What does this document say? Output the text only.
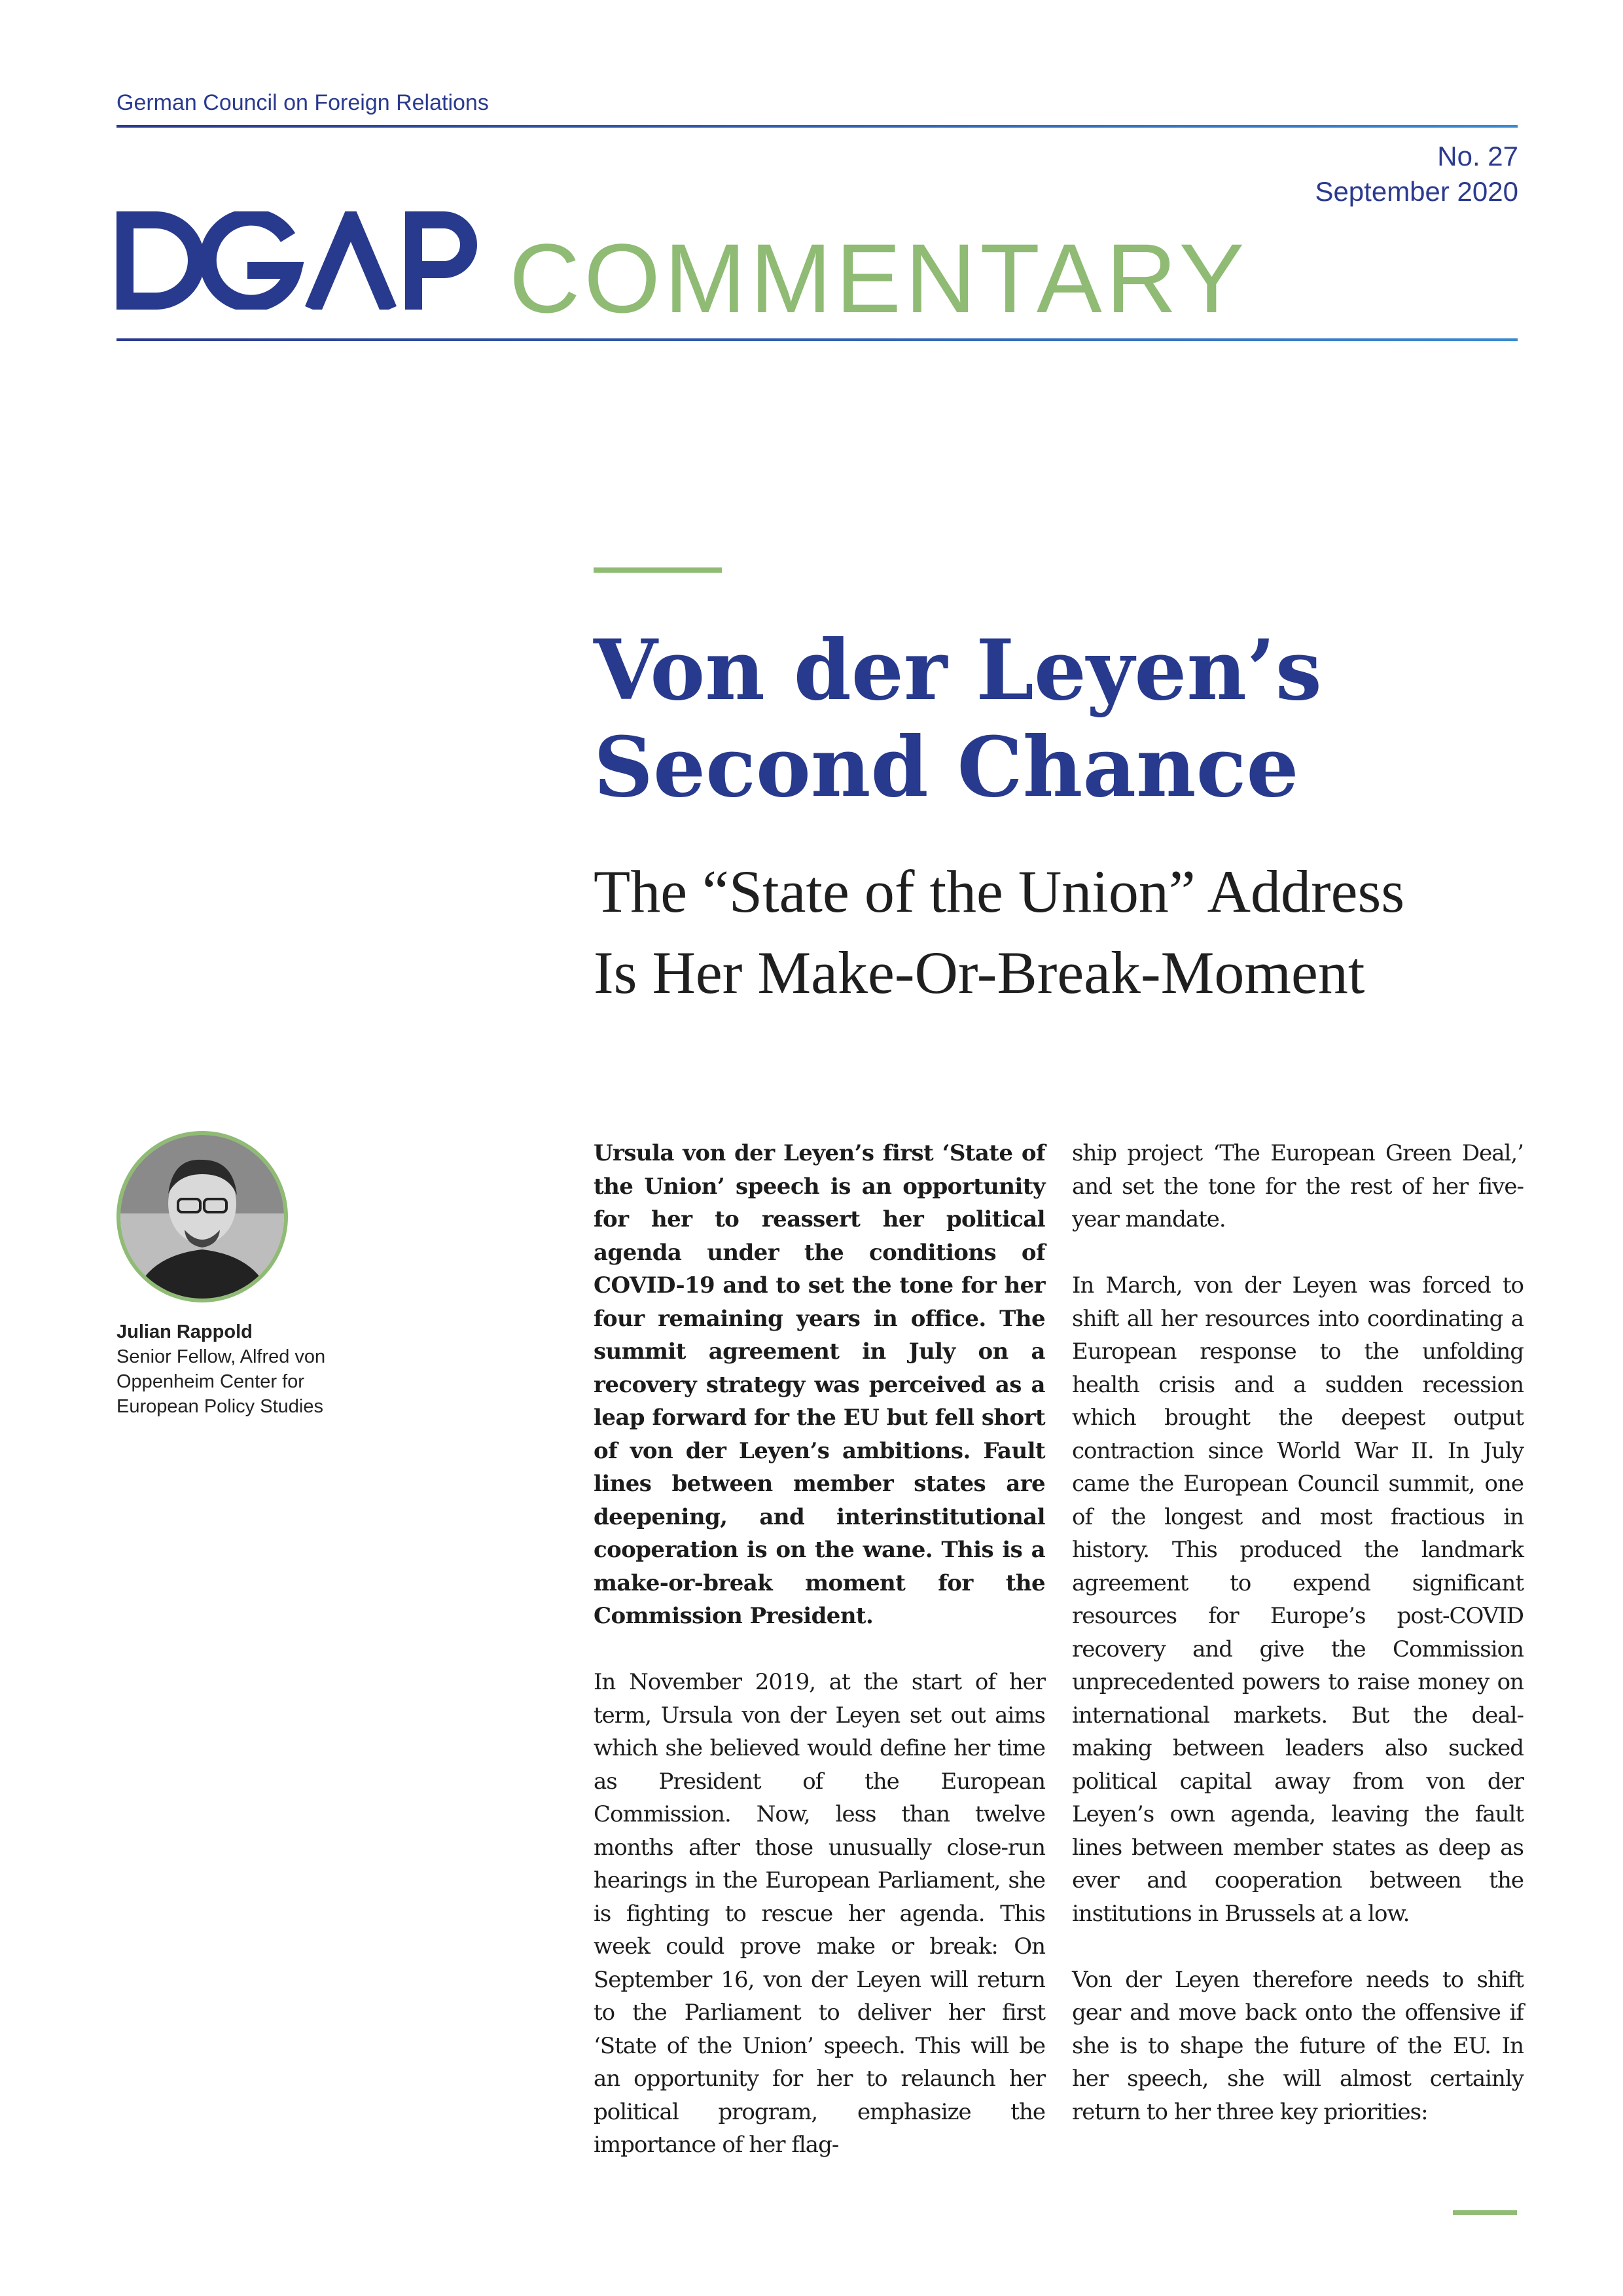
German Council on Foreign Relations
No. 27
September 2020
COMMENTARY
Von der Leyen’s
Second Chance
The “State of the Union” Address
Is Her Make-Or-Break-Moment
Julian Rappold
Senior Fellow, Alfred von
Oppenheim Center for
European Policy Studies

Ursula von der Leyen’s first ‘State of the Union’ speech is an opportunity for her to reassert her political agenda under the conditions of COVID-19 and to set the tone for her four remaining years in office. The summit agreement in July on a recovery strategy was perceived as a leap forward for the EU but fell short of von der Leyen’s ambitions. Fault lines between member states are deepening, and interinstitutional cooperation is on the wane. This is a make-or-break moment for the Commission President.

In November 2019, at the start of her term, Ursula von der Leyen set out aims which she believed would define her time as President of the European Commission. Now, less than twelve months after those unusually close-run hearings in the European Parliament, she is fighting to rescue her agenda. This week could prove make or break: On September 16, von der Leyen will return to the Parliament to deliver her first ‘State of the Union’ speech. This will be an opportunity for her to relaunch her political program, emphasize the importance of her flag-

ship project ‘The European Green Deal,’ and set the tone for the rest of her five-year mandate.

In March, von der Leyen was forced to shift all her resources into coordinating a European response to the unfolding health crisis and a sudden recession which brought the deepest output contraction since World War II. In July came the European Council summit, one of the longest and most fractious in history. This produced the landmark agreement to expend significant resources for Europe’s post-COVID recovery and give the Commission unprecedented powers to raise money on international markets. But the deal-making between leaders also sucked political capital away from von der Leyen’s own agenda, leaving the fault lines between member states as deep as ever and cooperation between the institutions in Brussels at a low.

Von der Leyen therefore needs to shift gear and move back onto the offensive if she is to shape the future of the EU. In her speech, she will almost certainly return to her three key priorities:
